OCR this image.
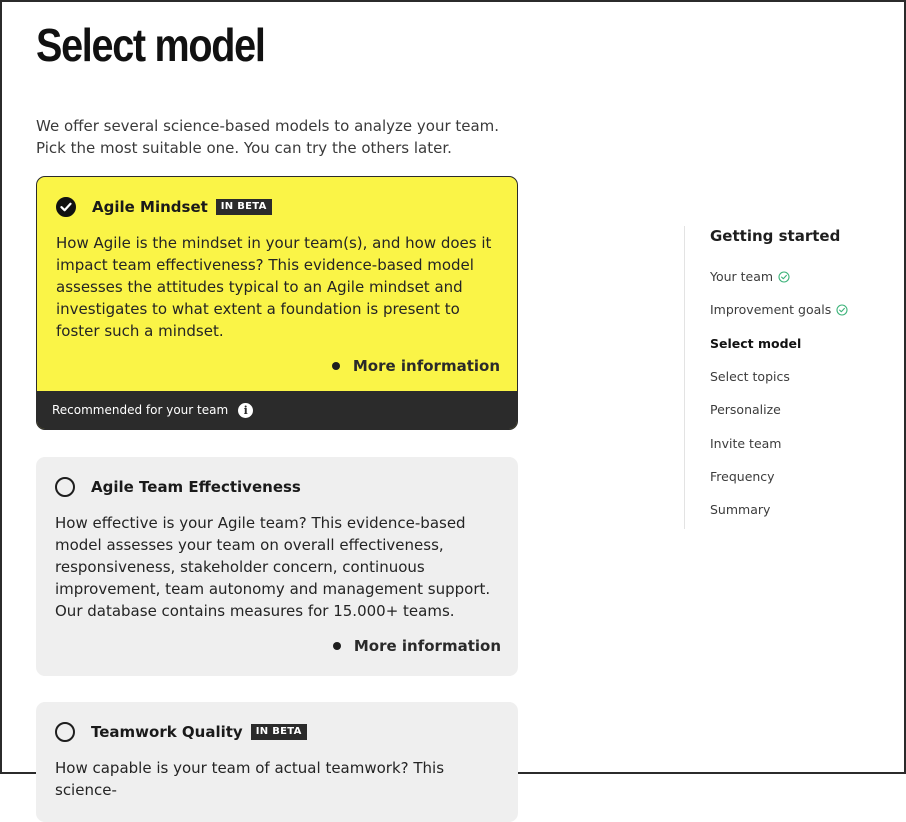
Select model

We offer several science-based models to analyze your team. Pick the most suitable one. You can try the others later.

Agile Mindset	IN BETA

How Agile is the mindset in your team(s), and how does it impact team effectiveness? This evidence-based model assesses the attitudes typical to an Agile mindset and investigates to what extent a foundation is present to foster such a mindset.

More information
Recommended for your team	i
Agile Team Effectiveness

How effective is your Agile team? This evidence-based model assesses your team on overall effectiveness, responsiveness, stakeholder concern, continuous improvement, team autonomy and management support. Our database contains measures for 15.000+ teams.

More information
Teamwork Quality	IN BETA

How capable is your team of actual teamwork? This science-

Getting started
Your team
Improvement goals
Select model
Select topics
Personalize
Invite team
Frequency
Summary
